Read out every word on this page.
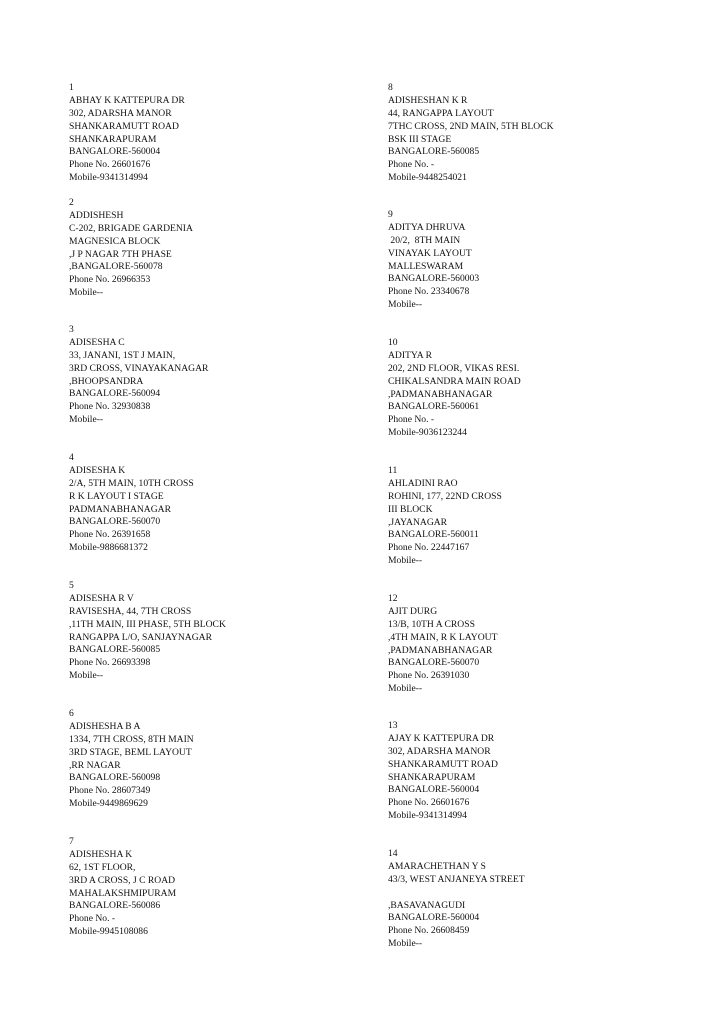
1
ABHAY K KATTEPURA DR
302, ADARSHA MANOR
SHANKARAMUTT ROAD
SHANKARAPURAM
BANGALORE-560004
Phone No. 26601676
Mobile-9341314994
2
ADDISHESH
C-202, BRIGADE GARDENIA
MAGNESICA BLOCK
,J P NAGAR 7TH PHASE
,BANGALORE-560078
Phone No. 26966353
Mobile--
3
ADISESHA C
33, JANANI, 1ST J MAIN,
3RD CROSS, VINAYAKANAGAR
,BHOOPSANDRA
BANGALORE-560094
Phone No. 32930838
Mobile--
4
ADISESHA K
2/A, 5TH MAIN, 10TH CROSS
R K LAYOUT I STAGE
PADMANABHANAGAR
BANGALORE-560070
Phone No. 26391658
Mobile-9886681372
5
ADISESHA R V
RAVISESHA, 44, 7TH CROSS
,11TH MAIN, III PHASE, 5TH BLOCK
RANGAPPA L/O, SANJAYNAGAR
BANGALORE-560085
Phone No. 26693398
Mobile--
6
ADISHESHA B A
1334, 7TH CROSS, 8TH MAIN
3RD STAGE, BEML LAYOUT
,RR NAGAR
BANGALORE-560098
Phone No. 28607349
Mobile-9449869629
7
ADISHESHA K
62, 1ST FLOOR,
3RD A CROSS, J C ROAD
MAHALAKSHMIPURAM
BANGALORE-560086
Phone No. -
Mobile-9945108086
8
ADISHESHAN K R
44, RANGAPPA LAYOUT
7THC CROSS, 2ND MAIN, 5TH BLOCK
BSK III STAGE
BANGALORE-560085
Phone No. -
Mobile-9448254021
9
ADITYA DHRUVA
20/2,  8TH MAIN
VINAYAK LAYOUT
MALLESWARAM
BANGALORE-560003
Phone No. 23340678
Mobile--
10
ADITYA R
202, 2ND FLOOR, VIKAS RESI.
CHIKALSANDRA MAIN ROAD
,PADMANABHANAGAR
BANGALORE-560061
Phone No. -
Mobile-9036123244
11
AHLADINI RAO
ROHINI, 177, 22ND CROSS
III BLOCK
,JAYANAGAR
BANGALORE-560011
Phone No. 22447167
Mobile--
12
AJIT DURG
13/B, 10TH A CROSS
,4TH MAIN, R K LAYOUT
,PADMANABHANAGAR
BANGALORE-560070
Phone No. 26391030
Mobile--
13
AJAY K KATTEPURA DR
302, ADARSHA MANOR
SHANKARAMUTT ROAD
SHANKARAPURAM
BANGALORE-560004
Phone No. 26601676
Mobile-9341314994
14
AMARACHETHAN Y S
43/3, WEST ANJANEYA STREET
,BASAVANAGUDI
BANGALORE-560004
Phone No. 26608459
Mobile--
